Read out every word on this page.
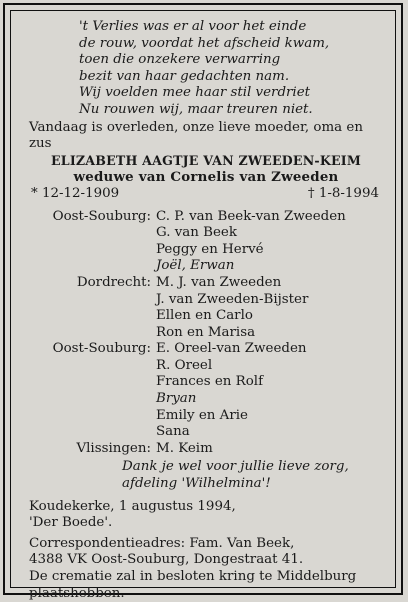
't Verlies was er al voor het einde
de rouw, voordat het afscheid kwam,
toen die onzekere verwarring
bezit van haar gedachten nam.
Wij voelden mee haar stil verdriet
Nu rouwen wij, maar treuren niet.
Vandaag is overleden, onze lieve moeder, oma en zus
ELIZABETH AAGTJE VAN ZWEEDEN-KEIM
weduwe van Cornelis van Zweeden
* 12-12-1909	† 1-8-1994
Oost-Souburg: C. P. van Beek-van Zweeden
G. van Beek
Peggy en Hervé
Joël, Erwan
Dordrecht: M. J. van Zweeden
J. van Zweeden-Bijster
Ellen en Carlo
Ron en Marisa
Oost-Souburg: E. Oreel-van Zweeden
R. Oreel
Frances en Rolf
Bryan
Emily en Arie
Sana
Vlissingen: M. Keim
Dank je wel voor jullie lieve zorg,
afdeling 'Wilhelmina'!
Koudekerke, 1 augustus 1994,
'Der Boede'.
Correspondentieadres: Fam. Van Beek,
4388 VK Oost-Souburg, Dongestraat 41.
De crematie zal in besloten kring te Middelburg
plaatshebben.
